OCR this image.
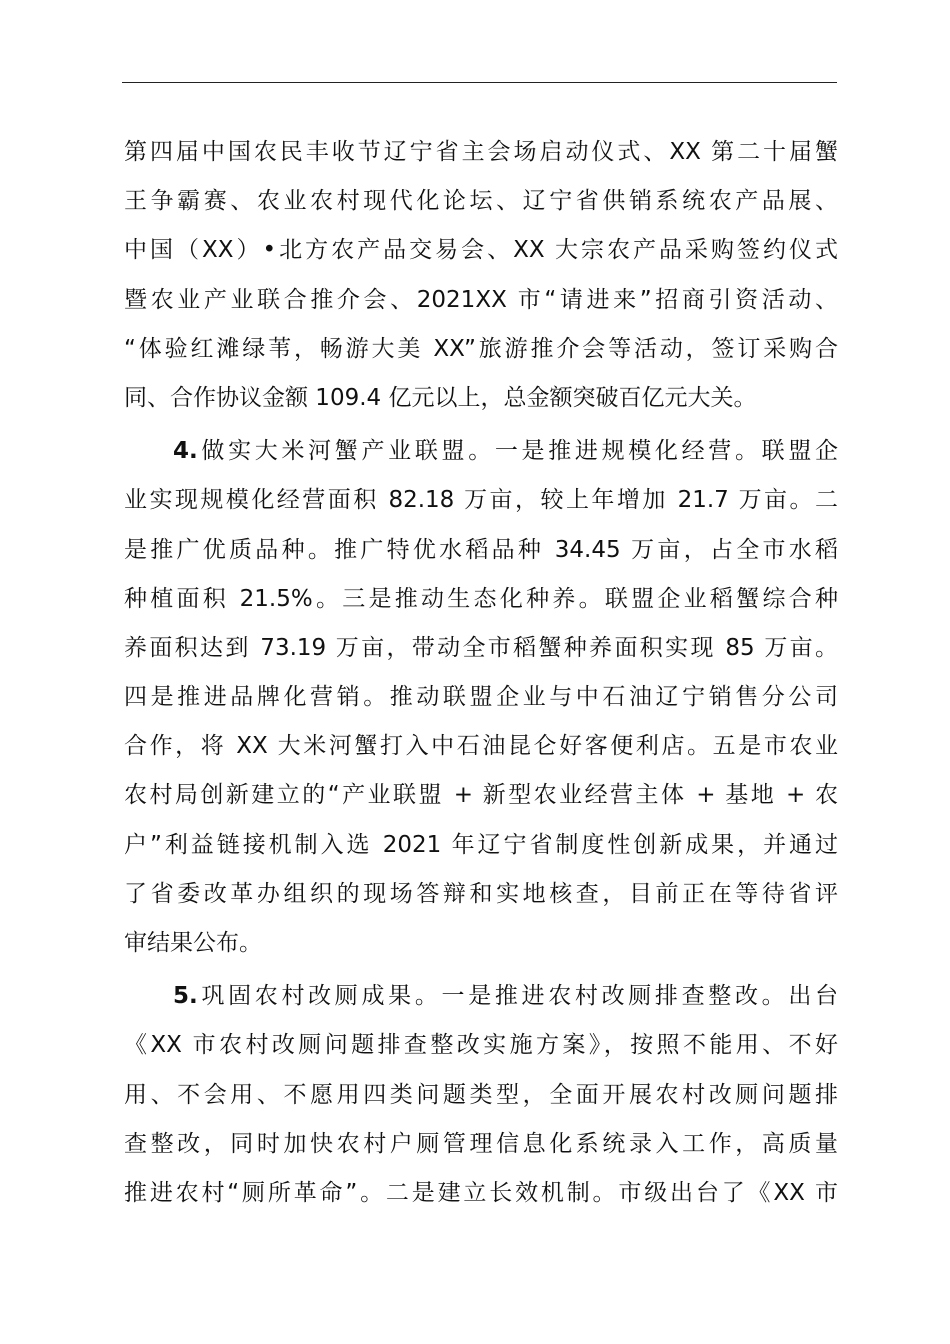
第四届中国农民丰收节辽宁省主会场启动仪式、XX 第二十届蟹
王争霸赛、农业农村现代化论坛、辽宁省供销系统农产品展、
中国（XX）•北方农产品交易会、XX 大宗农产品采购签约仪式
暨农业产业联合推介会、2021XX 市“请进来”招商引资活动、
“体验红滩绿苇，畅游大美 XX”旅游推介会等活动，签订采购合
同、合作协议金额 109.4 亿元以上，总金额突破百亿元大关。
4.做实大米河蟹产业联盟。一是推进规模化经营。联盟企
业实现规模化经营面积 82.18 万亩，较上年增加 21.7 万亩。二
是推广优质品种。推广特优水稻品种 34.45 万亩，占全市水稻
种植面积 21.5%。三是推动生态化种养。联盟企业稻蟹综合种
养面积达到 73.19 万亩，带动全市稻蟹种养面积实现 85 万亩。
四是推进品牌化营销。推动联盟企业与中石油辽宁销售分公司
合作，将 XX 大米河蟹打入中石油昆仑好客便利店。五是市农业
农村局创新建立的“产业联盟 + 新型农业经营主体 + 基地 + 农
户”利益链接机制入选 2021 年辽宁省制度性创新成果，并通过
了省委改革办组织的现场答辩和实地核查，目前正在等待省评
审结果公布。
5.巩固农村改厕成果。一是推进农村改厕排查整改。出台
《XX 市农村改厕问题排查整改实施方案》，按照不能用、不好
用、不会用、不愿用四类问题类型，全面开展农村改厕问题排
查整改，同时加快农村户厕管理信息化系统录入工作，高质量
推进农村“厕所革命”。二是建立长效机制。市级出台了《XX 市
